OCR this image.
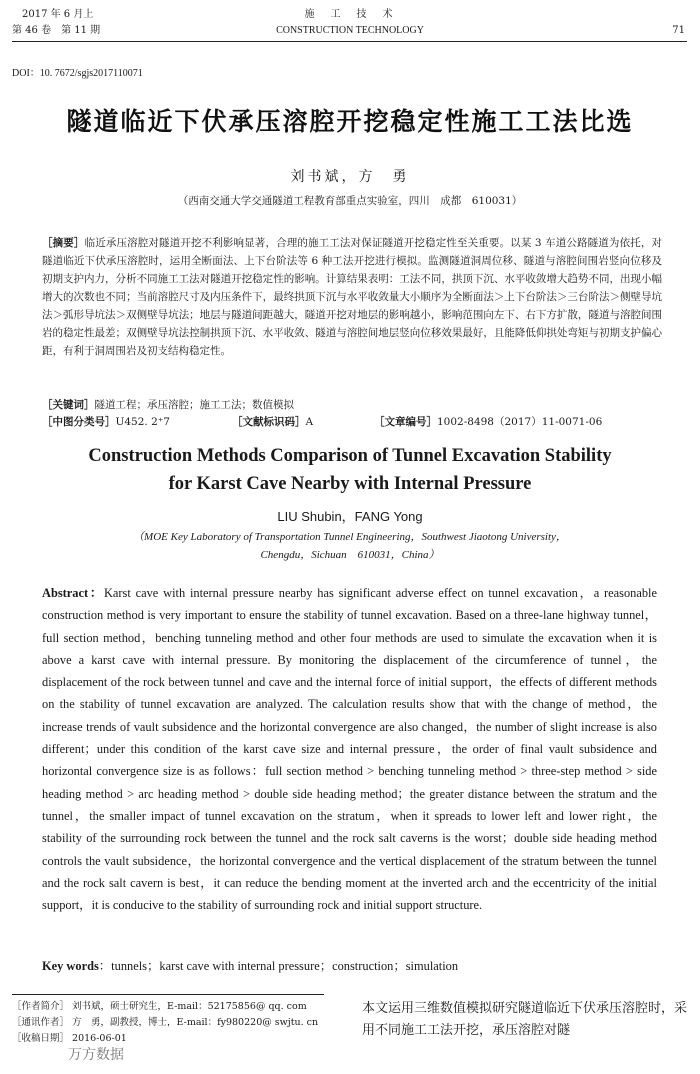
2017 年 6 月上
第 46 卷　第 11 期
施　工　技　术
CONSTRUCTION TECHNOLOGY	71
DOI：10. 7672/sgjs2017110071
隧道临近下伏承压溶腔开挖稳定性施工工法比选
刘书斌，方　勇
（西南交通大学交通隧道工程教育部重点实验室，四川　成都　610031）
［摘要］临近承压溶腔对隧道开挖不利影响显著，合理的施工工法对保证隧道开挖稳定性至关重要。以某 3 车道公路隧道为依托，对隧道临近下伏承压溶腔时，运用全断面法、上下台阶法等 6 种工法开挖进行模拟。监测隧道洞周位移、隧道与溶腔间围岩竖向位移及初期支护内力，分析不同施工工法对隧道开挖稳定性的影响。计算结果表明：工法不同，拱顶下沉、水平收敛增大趋势不同，出现小幅增大的次数也不同；当前溶腔尺寸及内压条件下，最终拱顶下沉与水平收敛量大小顺序为全断面法＞上下台阶法＞三台阶法＞侧壁导坑法＞弧形导坑法＞双侧壁导坑法；地层与隧道间距越大，隧道开挖对地层的影响越小，影响范围向左下、右下方扩散，隧道与溶腔间围岩的稳定性最差；双侧壁导坑法控制拱顶下沉、水平收敛、隧道与溶腔间地层竖向位移效果最好，且能降低仰拱处弯矩与初期支护偏心距，有利于洞周围岩及初支结构稳定性。
［关键词］隧道工程；承压溶腔；施工工法；数值模拟
［中图分类号］U452. 2⁺7	［文献标识码］A	［文章编号］1002-8498（2017）11-0071-06
Construction Methods Comparison of Tunnel Excavation Stability
for Karst Cave Nearby with Internal Pressure
LIU Shubin，FANG Yong
（MOE Key Laboratory of Transportation Tunnel Engineering，Southwest Jiaotong University，
Chengdu，Sichuan　610031，China）
Abstract：Karst cave with internal pressure nearby has significant adverse effect on tunnel excavation，a reasonable construction method is very important to ensure the stability of tunnel excavation. Based on a three-lane highway tunnel，full section method，benching tunneling method and other four methods are used to simulate the excavation when it is above a karst cave with internal pressure. By monitoring the displacement of the circumference of tunnel，the displacement of the rock between tunnel and cave and the internal force of initial support，the effects of different methods on the stability of tunnel excavation are analyzed. The calculation results show that with the change of method，the increase trends of vault subsidence and the horizontal convergence are also changed，the number of slight increase is also different；under this condition of the karst cave size and internal pressure，the order of final vault subsidence and horizontal convergence size is as follows：full section method > benching tunneling method > three-step method > side heading method > arc heading method > double side heading method；the greater distance between the stratum and the tunnel，the smaller impact of tunnel excavation on the stratum，when it spreads to lower left and lower right，the stability of the surrounding rock between the tunnel and the rock salt caverns is the worst；double side heading method controls the vault subsidence，the horizontal convergence and the vertical displacement of the stratum between the tunnel and the rock salt cavern is best，it can reduce the bending moment at the inverted arch and the eccentricity of the initial support，it is conducive to the stability of surrounding rock and initial support structure.
Key words：tunnels；karst cave with internal pressure；construction；simulation
［作者简介］ 刘书斌，硕士研究生，E-mail：52175856@ qq. com
［通讯作者］ 方　勇，副教授，博士，E-mail：fy980220@ swjtu. cn
［收稿日期］ 2016-06-01
万方数据
本文运用三维数值模拟研究隧道临近下伏承压溶腔时，采用不同施工工法开挖，承压溶腔对隧
